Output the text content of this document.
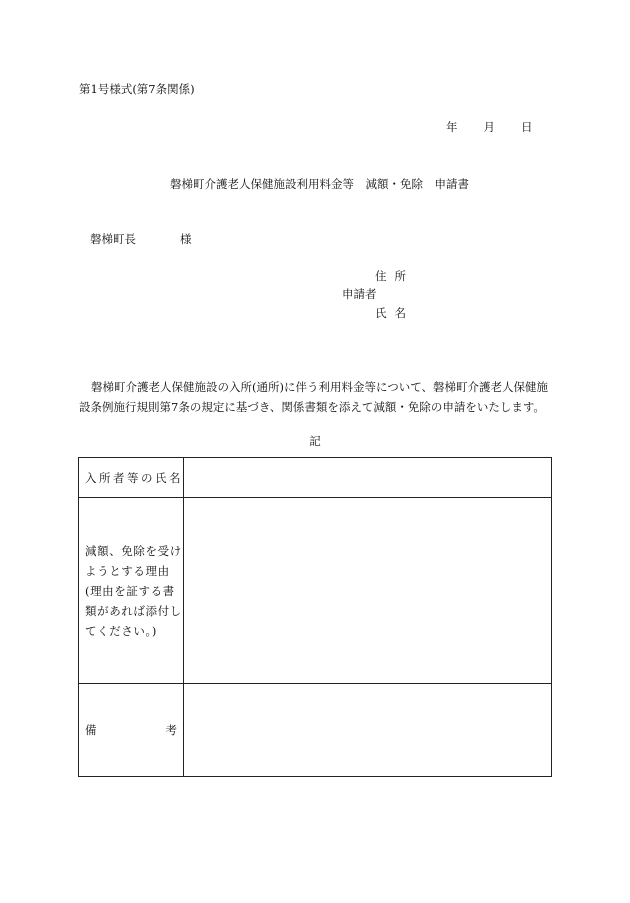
第1号様式(第7条関係)
年 月 日
磐梯町介護老人保健施設利用料金等　減額・免除　申請書
磐梯町長	様
住所
申請者
氏名
磐梯町介護老人保健施設の入所(通所)に伴う利用料金等について、磐梯町介護老人保健施設条例施行規則第7条の規定に基づき、関係書類を添えて減額・免除の申請をいたします。
記
入所者等の氏名	

減額、免除を受けようとする理由(理由を証する書類があれば添付してください。)	

備 考	
